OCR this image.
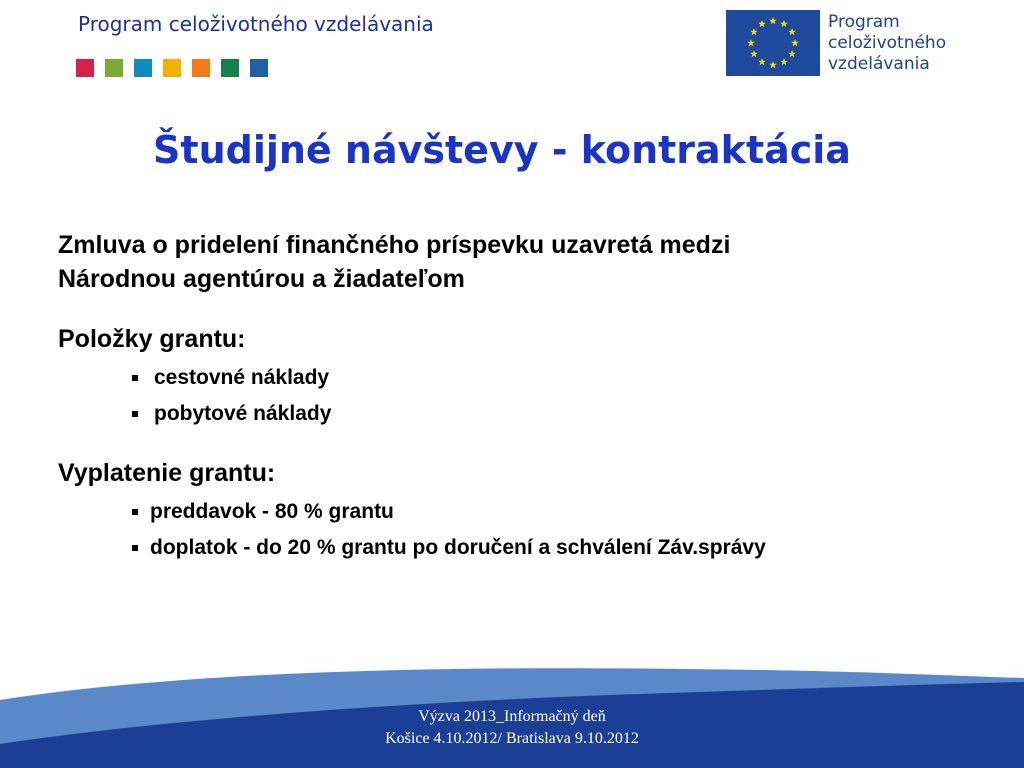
Program celoživotného vzdelávania	Program
celoživotného
vzdelávania
Študijné návštevy - kontraktácia

Zmluva o pridelení finančného príspevku uzavretá medzi
Národnou agentúrou a žiadateľom

Položky grantu:

cestovné náklady
pobytové náklady

Vyplatenie grantu:

preddavok - 80 % grantu
doplatok - do 20 % grantu po doručení a schválení Záv.správy
Výzva 2013_Informačný deň
Košice 4.10.2012/ Bratislava 9.10.2012
